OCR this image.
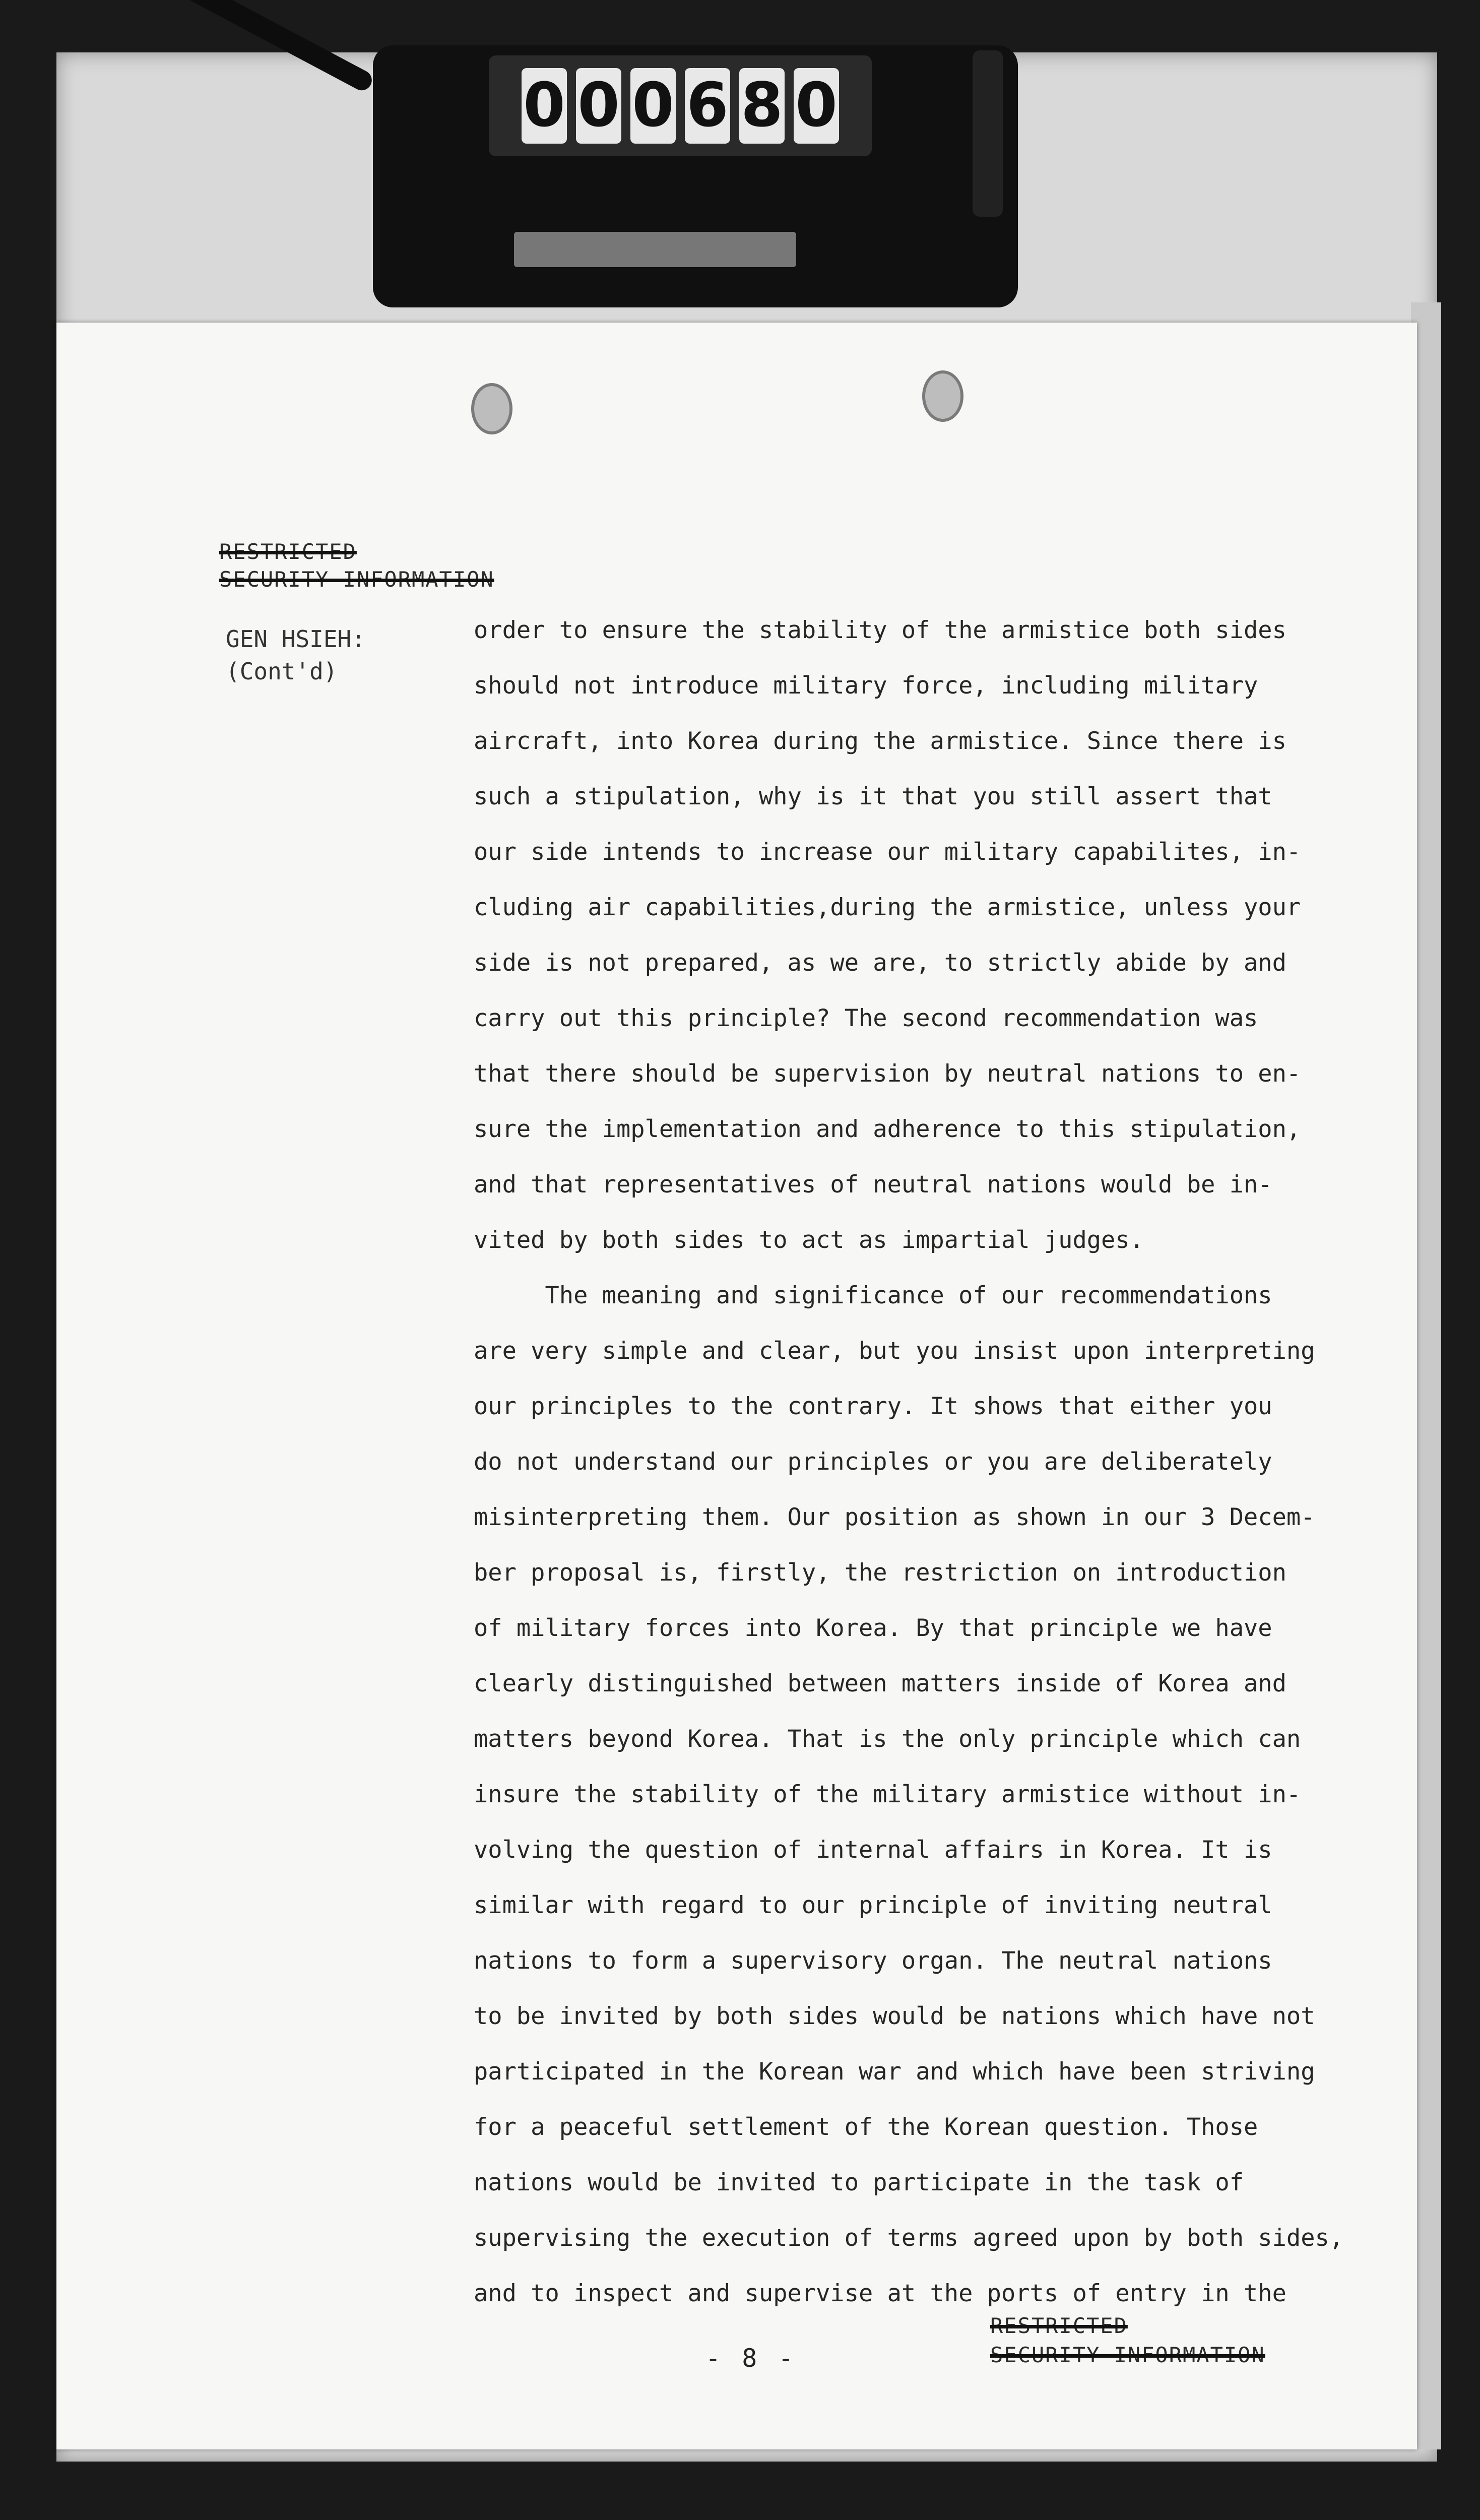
0 0 0 6 8 0
RESTRICTED
SECURITY INFORMATION
GEN HSIEH:
(Cont'd)
order to ensure the stability of the armistice both sides
should not introduce military force, including military
aircraft, into Korea during the armistice. Since there is
such a stipulation, why is it that you still assert that
our side intends to increase our military capabilites, in-
cluding air capabilities,during the armistice, unless your
side is not prepared, as we are, to strictly abide by and
carry out this principle? The second recommendation was
that there should be supervision by neutral nations to en-
sure the implementation and adherence to this stipulation,
and that representatives of neutral nations would be in-
vited by both sides to act as impartial judges.
The meaning and significance of our recommendations
are very simple and clear, but you insist upon interpreting
our principles to the contrary. It shows that either you
do not understand our principles or you are deliberately
misinterpreting them. Our position as shown in our 3 Decem-
ber proposal is, firstly, the restriction on introduction
of military forces into Korea. By that principle we have
clearly distinguished between matters inside of Korea and
matters beyond Korea. That is the only principle which can
insure the stability of the military armistice without in-
volving the question of internal affairs in Korea. It is
similar with regard to our principle of inviting neutral
nations to form a supervisory organ. The neutral nations
to be invited by both sides would be nations which have not
participated in the Korean war and which have been striving
for a peaceful settlement of the Korean question. Those
nations would be invited to participate in the task of
supervising the execution of terms agreed upon by both sides,
and to inspect and supervise at the ports of entry in the
- 8 -
RESTRICTED
SECURITY INFORMATION
